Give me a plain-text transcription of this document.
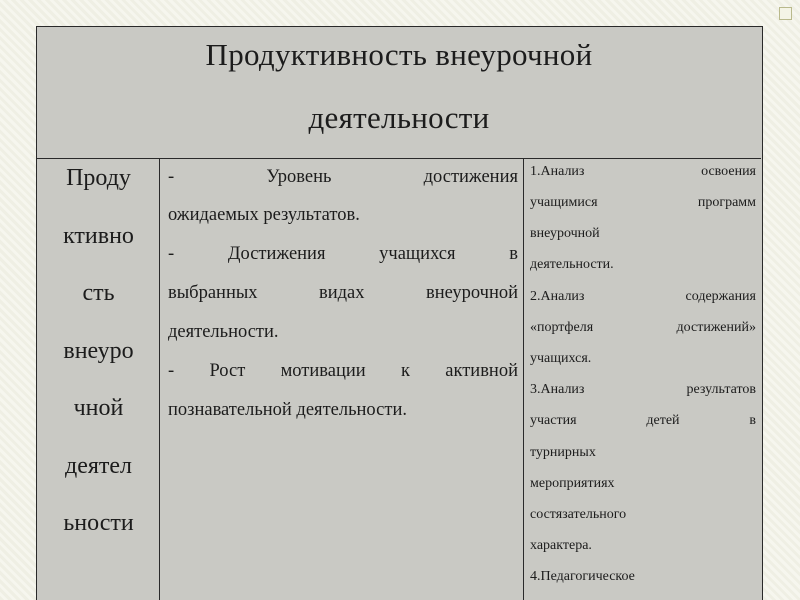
Продуктивность внеурочной
деятельности
Проду
ктивно
сть
внеуро
чной
деятел
ьности
-	Уровень	достижения
ожидаемых результатов.
-	Достижения	учащихся	в
выбранных	видах	внеурочной
деятельности.
- Рост мотивации к активной
познавательной деятельности.
1.Анализ	освоения
учащимися	программ
внеурочной
деятельности.
2.Анализ	содержания
«портфеля	достижений»
учащихся.
3.Анализ	результатов
участия	детей	в
турнирных
мероприятиях
состязательного
характера.
4.Педагогическое
